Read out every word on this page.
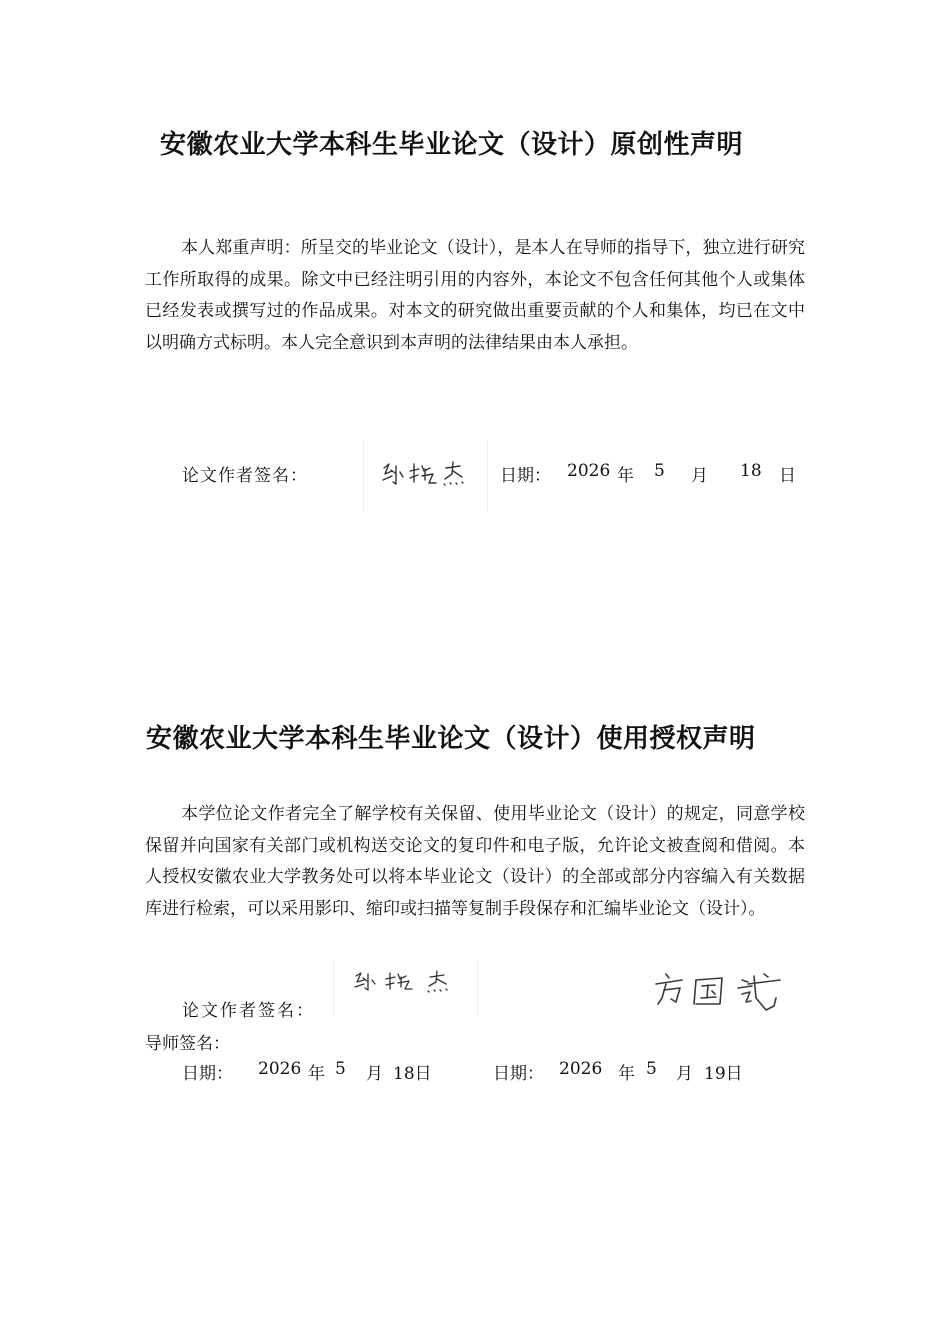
安徽农业大学本科生毕业论文（设计）原创性声明
本人郑重声明：所呈交的毕业论文（设计），是本人在导师的指导下，独立进行研究工作所取得的成果。除文中已经注明引用的内容外，本论文不包含任何其他个人或集体已经发表或撰写过的作品成果。对本文的研究做出重要贡献的个人和集体，均已在文中以明确方式标明。本人完全意识到本声明的法律结果由本人承担。
论文作者签名：	日期： 2026 年 5 月 18 日
安徽农业大学本科生毕业论文（设计）使用授权声明
本学位论文作者完全了解学校有关保留、使用毕业论文（设计）的规定，同意学校保留并向国家有关部门或机构送交论文的复印件和电子版，允许论文被查阅和借阅。本人授权安徽农业大学教务处可以将本毕业论文（设计）的全部或部分内容编入有关数据库进行检索，可以采用影印、缩印或扫描等复制手段保存和汇编毕业论文（设计）。
论文作者签名：
导师签名：
日期： 2026 年 5 月 18日	日期： 2026 年 5 月 19日
